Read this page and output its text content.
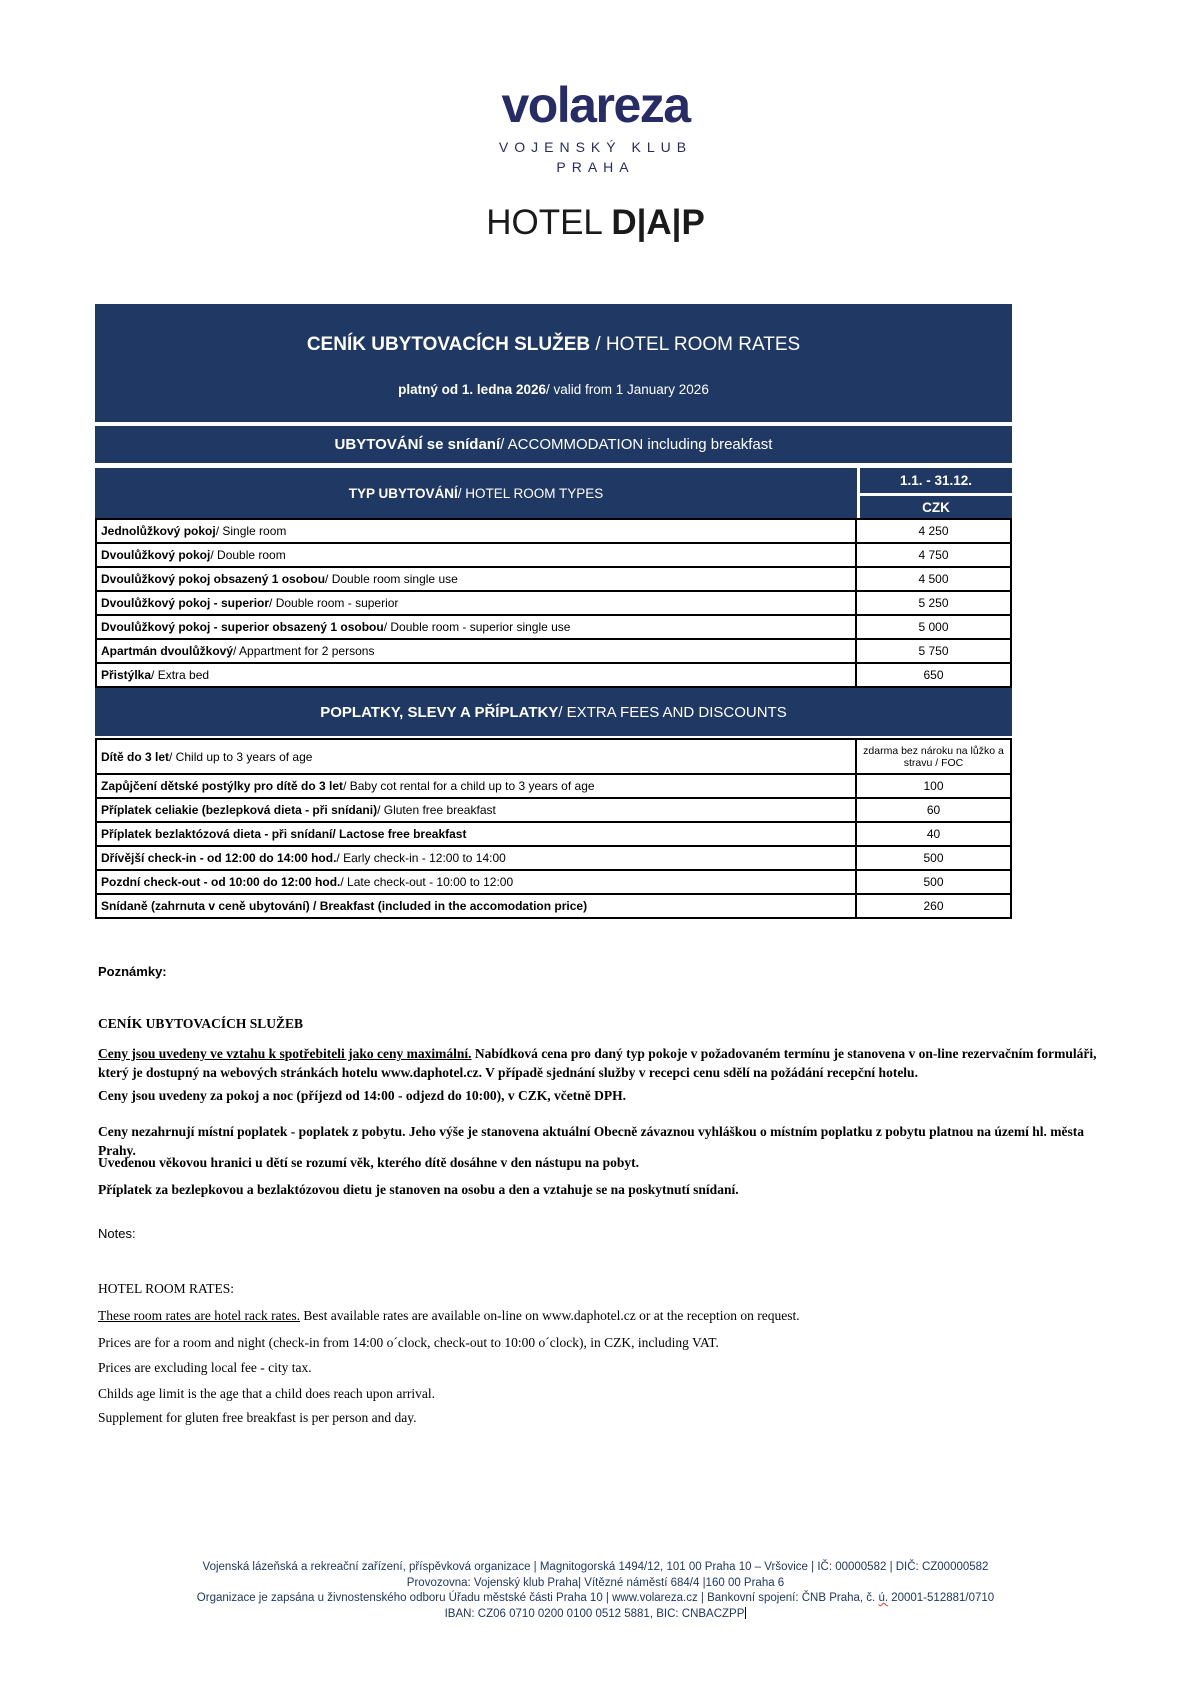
volareza
VOJENSKÝ KLUB
PRAHA
HOTEL D|A|P
CENÍK UBYTOVACÍCH SLUŽEB / HOTEL ROOM RATES
platný od 1. ledna 2026/ valid from 1 January 2026
UBYTOVÁNÍ se snídaní / ACCOMMODATION including breakfast
TYP UBYTOVÁNÍ / HOTEL ROOM TYPES
1.1. - 31.12.
CZK
Jednolůžkový pokoj / Single room	4 250
Dvoulůžkový pokoj / Double room	4 750
Dvoulůžkový pokoj obsazený 1 osobou / Double room single use	4 500
Dvoulůžkový pokoj - superior / Double room - superior	5 250
Dvoulůžkový pokoj - superior obsazený 1 osobou / Double room - superior single use	5 000
Apartmán dvoulůžkový / Appartment for 2 persons	5 750
Přistýlka / Extra bed	650
POPLATKY, SLEVY A PŘÍPLATKY / EXTRA FEES AND DISCOUNTS
Dítě do 3 let / Child up to 3 years of age	zdarma bez nároku na lůžko a stravu / FOC
Zapůjčení dětské postýlky pro dítě do 3 let / Baby cot rental for a child up to 3 years of age	100
Příplatek celiakie (bezlepková dieta - při snídani) / Gluten free breakfast	60
Příplatek bezlaktózová dieta - při snídaní/ Lactose free breakfast	40
Dřívější check-in - od 12:00 do 14:00 hod. / Early check-in - 12:00 to 14:00	500
Pozdní check-out - od 10:00 do 12:00 hod. / Late check-out - 10:00 to 12:00	500
Snídaně (zahrnuta v ceně ubytování) / Breakfast (included in the accomodation price)	260
Poznámky:
CENÍK UBYTOVACÍCH SLUŽEB

Ceny jsou uvedeny ve vztahu k spotřebiteli jako ceny maximální. Nabídková cena pro daný typ pokoje v požadovaném termínu je stanovena v on-line rezervačním formuláři, který je dostupný na webových stránkách hotelu www.daphotel.cz. V případě sjednání služby v recepci cenu sdělí na požádání recepční hotelu.

Ceny jsou uvedeny za pokoj a noc (příjezd od 14:00 - odjezd do 10:00), v CZK, včetně DPH.

Ceny nezahrnují místní poplatek - poplatek z pobytu. Jeho výše je stanovena aktuální Obecně závaznou vyhláškou o místním poplatku z pobytu platnou na území hl. města Prahy.

Uvedenou věkovou hranici u dětí se rozumí věk, kterého dítě dosáhne v den nástupu na pobyt.

Příplatek za bezlepkovou a bezlaktózovou dietu je stanoven na osobu a den a vztahuje se na poskytnutí snídaní.

Notes:
HOTEL ROOM RATES:

These room rates are hotel rack rates. Best available rates are available on-line on www.daphotel.cz or at the reception on request.

Prices are for a room and night (check-in from 14:00 o´clock, check-out to 10:00 o´clock), in CZK, including VAT.

Prices are excluding local fee - city tax.

Childs age limit is the age that a child does reach upon arrival.

Supplement for gluten free breakfast is per person and day.

Vojenská lázeňská a rekreační zařízení, příspěvková organizace | Magnitogorská 1494/12, 101 00 Praha 10 – Vršovice | IČ: 00000582 | DIČ: CZ00000582
Provozovna: Vojenský klub Praha| Vítězné náměstí 684/4 |160 00 Praha 6
Organizace je zapsána u živnostenského odboru Úřadu městské části Praha 10 | www.volareza.cz | Bankovní spojení: ČNB Praha, č. ú. 20001-512881/0710
IBAN: CZ06 0710 0200 0100 0512 5881, BIC: CNBACZPP
